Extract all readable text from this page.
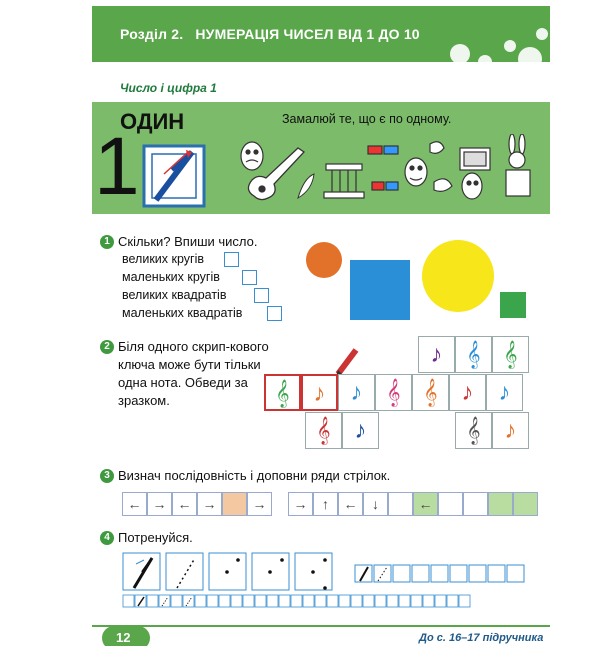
Розділ 2. НУМЕРАЦІЯ ЧИСЕЛ ВІД 1 ДО 10
Число і цифра 1
ОДИН
1
Замалюй те, що є по одному.
1 Скільки? Впиши число.
великих кругів
маленьких кругів
великих квадратів
маленьких квадратів
2 Біля одного скрип-кового ключа може бути тільки одна нота. Обведи за зразком.
♪ 𝄞 𝄞
𝄞 ♪	♪ 𝄞 𝄞 ♪	♪
𝄞 ♪	𝄞 ♪
3 Визнач послідовність і доповни ряди стрілок.
← → ← →	→	→	↑	←	↓	←
4 Потренуйся.
12	До с. 16–17 підручника
